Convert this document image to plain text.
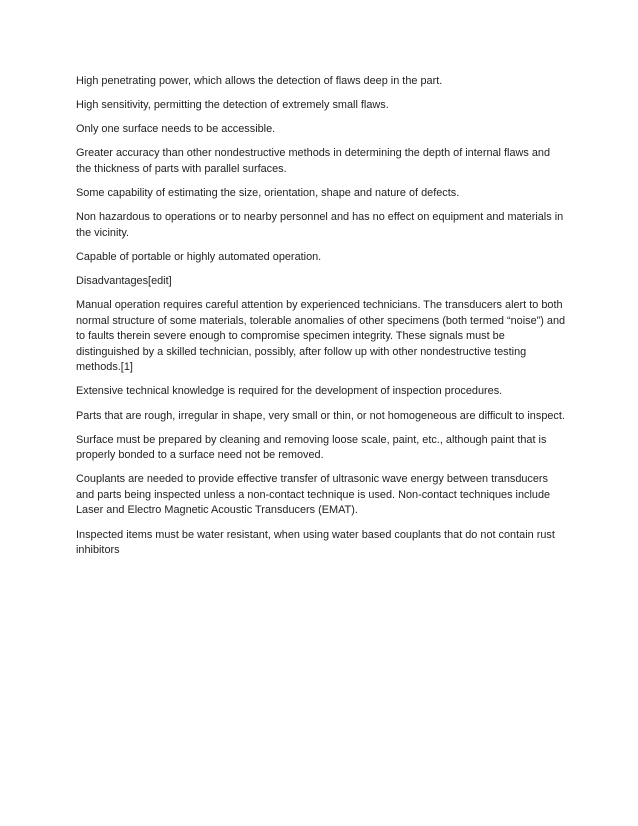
High penetrating power, which allows the detection of flaws deep in the part.

High sensitivity, permitting the detection of extremely small flaws.

Only one surface needs to be accessible.

Greater accuracy than other nondestructive methods in determining the depth of internal flaws and the thickness of parts with parallel surfaces.

Some capability of estimating the size, orientation, shape and nature of defects.

Non hazardous to operations or to nearby personnel and has no effect on equipment and materials in the vicinity.

Capable of portable or highly automated operation.

Disadvantages[edit]

Manual operation requires careful attention by experienced technicians. The transducers alert to both normal structure of some materials, tolerable anomalies of other specimens (both termed “noise”) and to faults therein severe enough to compromise specimen integrity. These signals must be distinguished by a skilled technician, possibly, after follow up with other nondestructive testing methods.[1]

Extensive technical knowledge is required for the development of inspection procedures.

Parts that are rough, irregular in shape, very small or thin, or not homogeneous are difficult to inspect.

Surface must be prepared by cleaning and removing loose scale, paint, etc., although paint that is properly bonded to a surface need not be removed.

Couplants are needed to provide effective transfer of ultrasonic wave energy between transducers and parts being inspected unless a non-contact technique is used. Non-contact techniques include Laser and Electro Magnetic Acoustic Transducers (EMAT).

Inspected items must be water resistant, when using water based couplants that do not contain rust inhibitors
